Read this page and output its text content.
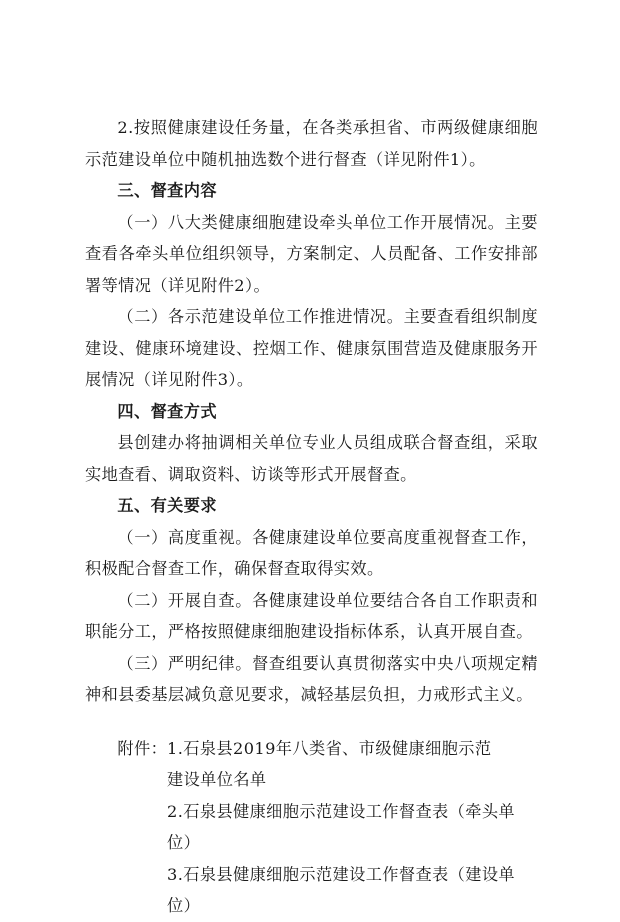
2.按照健康建设任务量，在各类承担省、市两级健康细胞示范建设单位中随机抽选数个进行督查（详见附件1）。

三、督查内容

（一）八大类健康细胞建设牵头单位工作开展情况。主要查看各牵头单位组织领导，方案制定、人员配备、工作安排部署等情况（详见附件2）。

（二）各示范建设单位工作推进情况。主要查看组织制度建设、健康环境建设、控烟工作、健康氛围营造及健康服务开展情况（详见附件3）。

四、督查方式

县创建办将抽调相关单位专业人员组成联合督查组，采取实地查看、调取资料、访谈等形式开展督查。

五、有关要求

（一）高度重视。各健康建设单位要高度重视督查工作，积极配合督查工作，确保督查取得实效。

（二）开展自查。各健康建设单位要结合各自工作职责和职能分工，严格按照健康细胞建设指标体系，认真开展自查。

（三）严明纪律。督查组要认真贯彻落实中央八项规定精神和县委基层减负意见要求，减轻基层负担，力戒形式主义。

附件： 1.石泉县2019年八类省、市级健康细胞示范建设单位名单
2.石泉县健康细胞示范建设工作督查表（牵头单位）
3.石泉县健康细胞示范建设工作督查表（建设单位）
